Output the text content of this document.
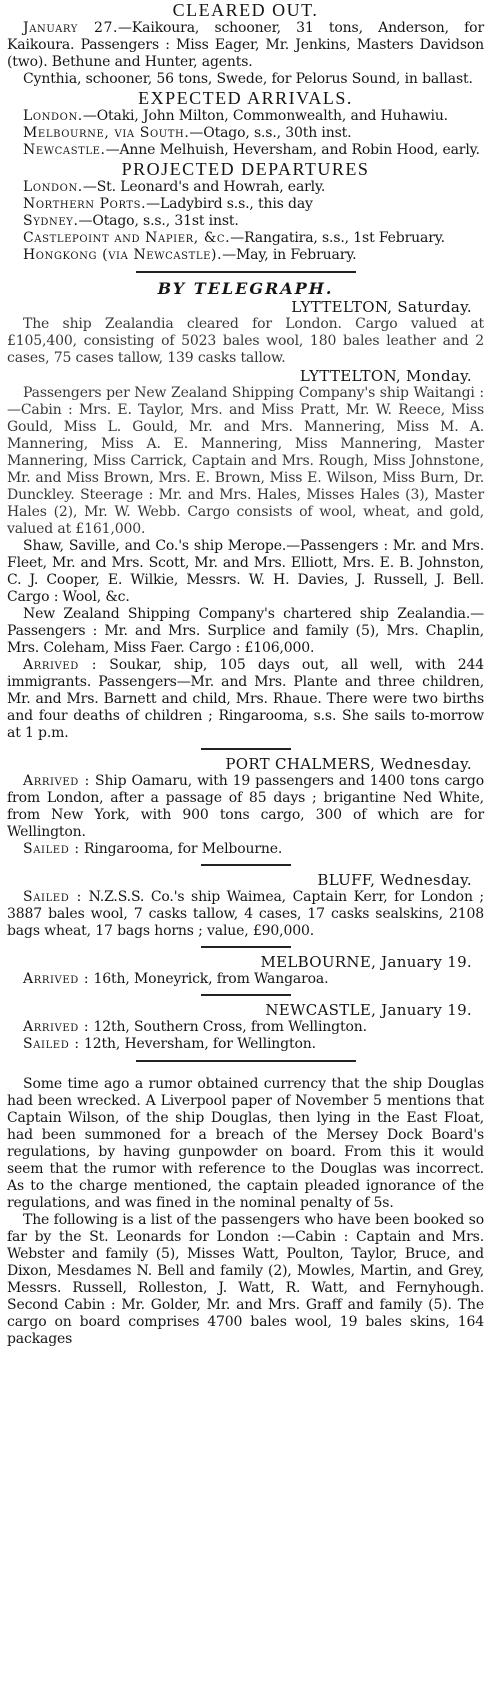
CLEARED OUT.

January 27.—Kaikoura, schooner, 31 tons, Anderson, for Kaikoura. Passengers : Miss Eager, Mr. Jenkins, Masters Davidson (two). Bethune and Hunter, agents.

Cynthia, schooner, 56 tons, Swede, for Pelorus Sound, in ballast.

EXPECTED ARRIVALS.

London.—Otaki, John Milton, Commonwealth, and Huhawiu.

Melbourne, via South.—Otago, s.s., 30th inst.

Newcastle.—Anne Melhuish, Heversham, and Robin Hood, early.

PROJECTED DEPARTURES

London.—St. Leonard's and Howrah, early.

Northern Ports.—Ladybird s.s., this day

Sydney.—Otago, s.s., 31st inst.

Castlepoint and Napier, &c.—Rangatira, s.s., 1st February.

Hongkong (via Newcastle).—May, in February.

BY TELEGRAPH.
LYTTELTON, Saturday.

The ship Zealandia cleared for London. Cargo valued at £105,400, consisting of 5023 bales wool, 180 bales leather and 2 cases, 75 cases tallow, 139 casks tallow.

LYTTELTON, Monday.

Passengers per New Zealand Shipping Company's ship Waitangi :—Cabin : Mrs. E. Taylor, Mrs. and Miss Pratt, Mr. W. Reece, Miss Gould, Miss L. Gould, Mr. and Mrs. Mannering, Miss M. A. Mannering, Miss A. E. Mannering, Miss Mannering, Master Mannering, Miss Carrick, Captain and Mrs. Rough, Miss Johnstone, Mr. and Miss Brown, Mrs. E. Brown, Miss E. Wilson, Miss Burn, Dr. Dunckley. Steerage : Mr. and Mrs. Hales, Misses Hales (3), Master Hales (2), Mr. W. Webb. Cargo consists of wool, wheat, and gold, valued at £161,000.

Shaw, Saville, and Co.'s ship Merope.—Passengers : Mr. and Mrs. Fleet, Mr. and Mrs. Scott, Mr. and Mrs. Elliott, Mrs. E. B. Johnston, C. J. Cooper, E. Wilkie, Messrs. W. H. Davies, J. Russell, J. Bell. Cargo : Wool, &c.

New Zealand Shipping Company's chartered ship Zealandia.—Passengers : Mr. and Mrs. Surplice and family (5), Mrs. Chaplin, Mrs. Coleham, Miss Faer. Cargo : £106,000.

Arrived : Soukar, ship, 105 days out, all well, with 244 immigrants. Passengers—Mr. and Mrs. Plante and three children, Mr. and Mrs. Barnett and child, Mrs. Rhaue. There were two births and four deaths of children ; Ringarooma, s.s. She sails to-morrow at 1 p.m.

PORT CHALMERS, Wednesday.

Arrived : Ship Oamaru, with 19 passengers and 1400 tons cargo from London, after a passage of 85 days ; brigantine Ned White, from New York, with 900 tons cargo, 300 of which are for Wellington.

Sailed : Ringarooma, for Melbourne.

BLUFF, Wednesday.

Sailed : N.Z.S.S. Co.'s ship Waimea, Captain Kerr, for London ; 3887 bales wool, 7 casks tallow, 4 cases, 17 casks sealskins, 2108 bags wheat, 17 bags horns ; value, £90,000.

MELBOURNE, January 19.

Arrived : 16th, Moneyrick, from Wangaroa.

NEWCASTLE, January 19.

Arrived : 12th, Southern Cross, from Wellington.

Sailed : 12th, Heversham, for Wellington.

Some time ago a rumor obtained currency that the ship Douglas had been wrecked. A Liverpool paper of November 5 mentions that Captain Wilson, of the ship Douglas, then lying in the East Float, had been summoned for a breach of the Mersey Dock Board's regulations, by having gunpowder on board. From this it would seem that the rumor with reference to the Douglas was incorrect. As to the charge mentioned, the captain pleaded ignorance of the regulations, and was fined in the nominal penalty of 5s.

The following is a list of the passengers who have been booked so far by the St. Leonards for London :—Cabin : Captain and Mrs. Webster and family (5), Misses Watt, Poulton, Taylor, Bruce, and Dixon, Mesdames N. Bell and family (2), Mowles, Martin, and Grey, Messrs. Russell, Rolleston, J. Watt, R. Watt, and Fernyhough. Second Cabin : Mr. Golder, Mr. and Mrs. Graff and family (5). The cargo on board comprises 4700 bales wool, 19 bales skins, 164 packages
